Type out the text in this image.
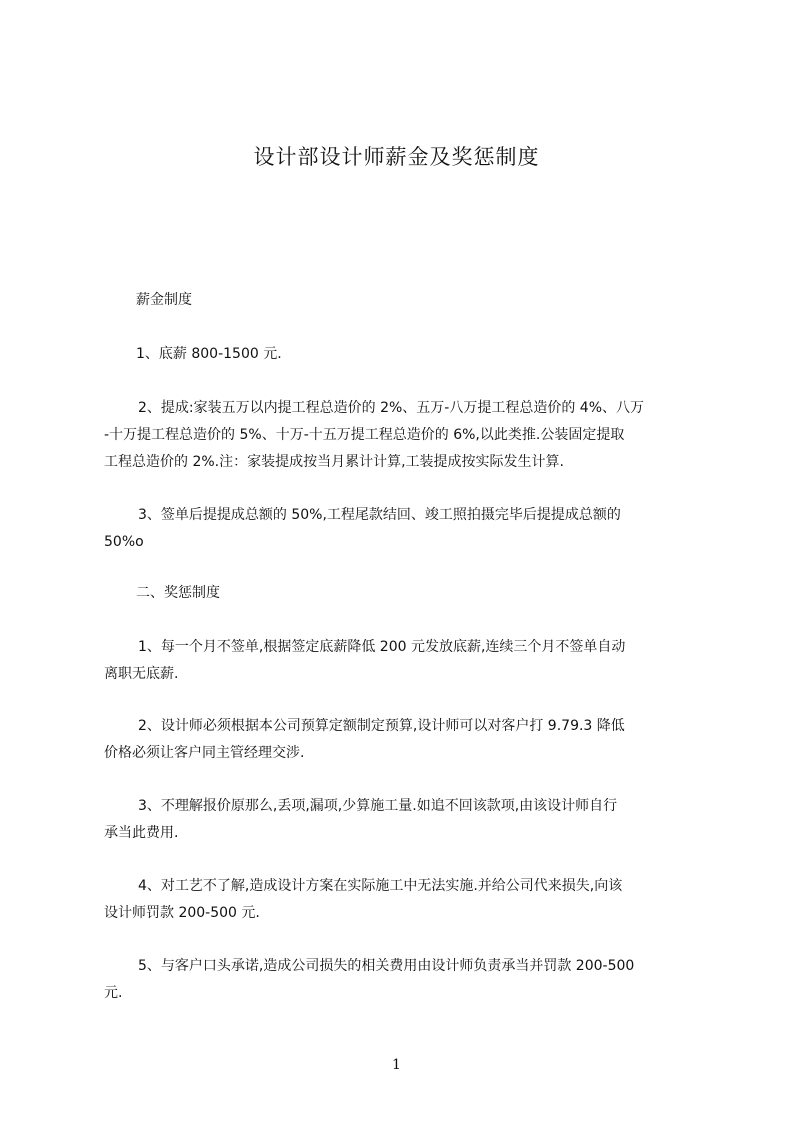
设计部设计师薪金及奖惩制度

薪金制度

1、底薪 800-1500 元.

2、提成:家装五万以内提工程总造价的 2%、五万-八万提工程总造价的 4%、八万
-十万提工程总造价的 5%、十万-十五万提工程总造价的 6%,以此类推.公装固定提取
工程总造价的 2%.注：家装提成按当月累计计算,工装提成按实际发生计算.

3、签单后提提成总额的 50%,工程尾款结回、竣工照拍摄完毕后提提成总额的
50%o

二、奖惩制度

1、每一个月不签单,根据签定底薪降低 200 元发放底薪,连续三个月不签单自动
离职无底薪.

2、设计师必须根据本公司预算定额制定预算,设计师可以对客户打 9.79.3 降低
价格必须让客户同主管经理交涉.

3、不理解报价原那么,丢项,漏项,少算施工量.如追不回该款项,由该设计师自行
承当此费用.

4、对工艺不了解,造成设计方案在实际施工中无法实施.并给公司代来损失,向该
设计师罚款 200-500 元.

5、与客户口头承诺,造成公司损失的相关费用由设计师负责承当并罚款 200-500
元.

1
